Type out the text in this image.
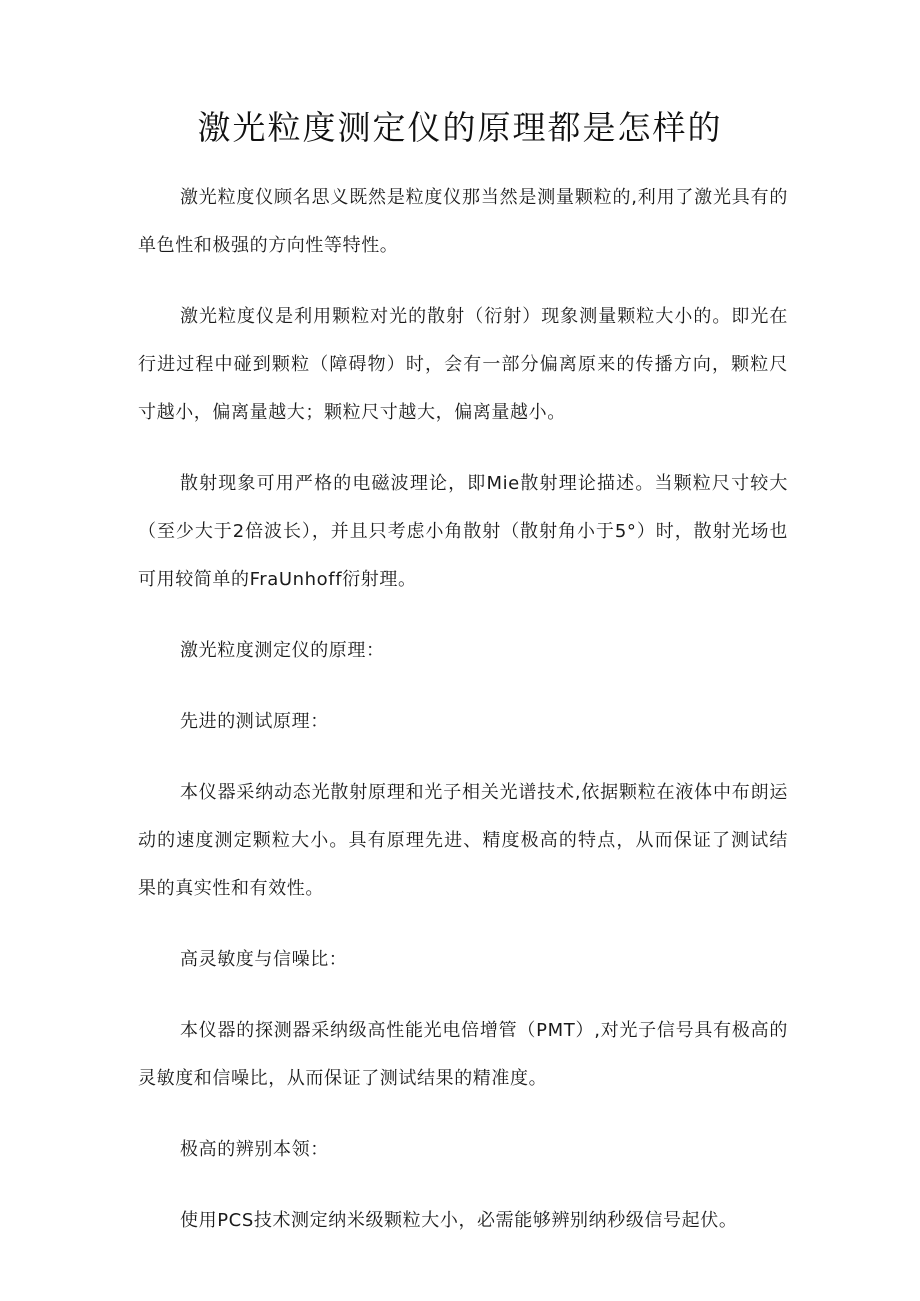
激光粒度测定仪的原理都是怎样的

激光粒度仪顾名思义既然是粒度仪那当然是测量颗粒的,利用了激光具有的单色性和极强的方向性等特性。

激光粒度仪是利用颗粒对光的散射（衍射）现象测量颗粒大小的。即光在行进过程中碰到颗粒（障碍物）时，会有一部分偏离原来的传播方向，颗粒尺寸越小，偏离量越大；颗粒尺寸越大，偏离量越小。

散射现象可用严格的电磁波理论，即Mie散射理论描述。当颗粒尺寸较大（至少大于2倍波长），并且只考虑小角散射（散射角小于5°）时，散射光场也可用较简单的FraUnhoff衍射理。

激光粒度测定仪的原理：

先进的测试原理：

本仪器采纳动态光散射原理和光子相关光谱技术,依据颗粒在液体中布朗运动的速度测定颗粒大小。具有原理先进、精度极高的特点，从而保证了测试结果的真实性和有效性。

高灵敏度与信噪比：

本仪器的探测器采纳级高性能光电倍增管（PMT）,对光子信号具有极高的灵敏度和信噪比，从而保证了测试结果的精准度。

极高的辨别本领：

使用PCS技术测定纳米级颗粒大小，必需能够辨别纳秒级信号起伏。
